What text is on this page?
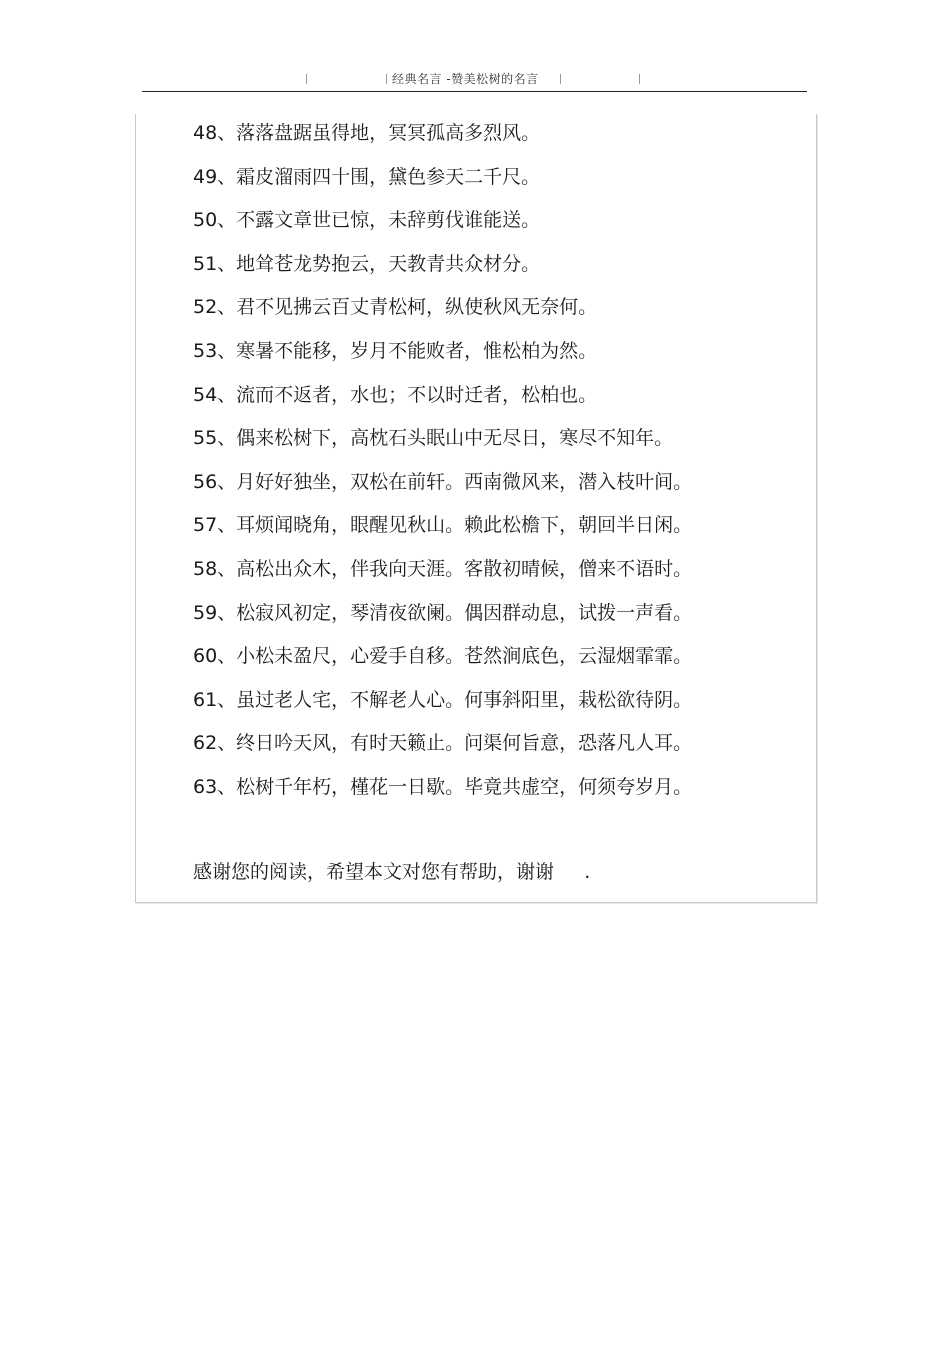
经典名言 -赞美松树的名言
48、落落盘踞虽得地，冥冥孤高多烈风。
49、霜皮溜雨四十围，黛色参天二千尺。
50、不露文章世已惊，未辞剪伐谁能送。
51、地耸苍龙势抱云，天教青共众材分。
52、君不见拂云百丈青松柯，纵使秋风无奈何。
53、寒暑不能移，岁月不能败者，惟松柏为然。
54、流而不返者，水也；不以时迁者，松柏也。
55、偶来松树下，高枕石头眠山中无尽日，寒尽不知年。
56、月好好独坐，双松在前轩。西南微风来，潜入枝叶间。
57、耳烦闻晓角，眼醒见秋山。赖此松檐下，朝回半日闲。
58、高松出众木，伴我向天涯。客散初晴候，僧来不语时。
59、松寂风初定，琴清夜欲阑。偶因群动息，试拨一声看。
60、小松未盈尺，心爱手自移。苍然涧底色，云湿烟霏霏。
61、虽过老人宅，不解老人心。何事斜阳里，栽松欲待阴。
62、终日吟天风，有时天籁止。问渠何旨意，恐落凡人耳。
63、松树千年朽，槿花一日歇。毕竟共虚空，何须夸岁月。
感谢您的阅读，希望本文对您有帮助，谢谢     .
